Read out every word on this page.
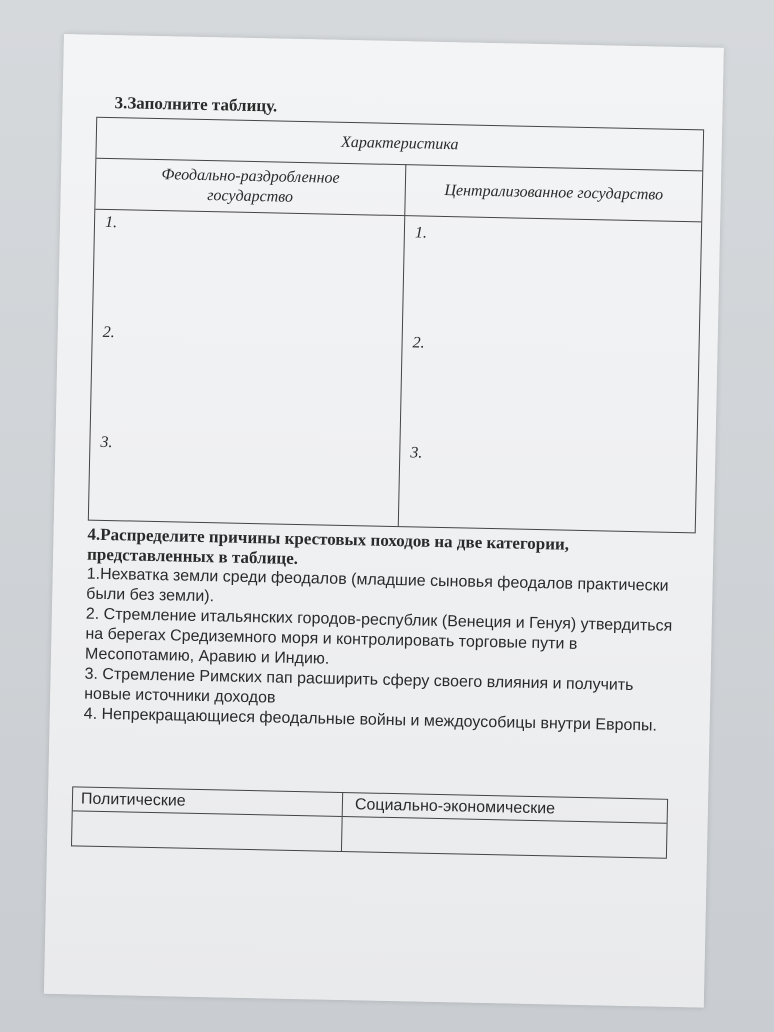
3.Заполните таблицу.
Характеристика
Феодально-раздробленное государство	Централизованное государство
1.
2.
3.
1.
2.
3.
4.Распределите причины крестовых походов на две категории, представленных в таблице.
1.Нехватка земли среди феодалов (младшие сыновья феодалов практически были без земли).
2. Стремление итальянских городов-республик (Венеция и Генуя) утвердиться на берегах Средиземного моря и контролировать торговые пути в Месопотамию, Аравию и Индию.
3. Стремление Римских пап расширить сферу своего влияния и получить новые источники доходов
4. Непрекращающиеся феодальные войны и междоусобицы внутри Европы.
Политические	Социально-экономические
